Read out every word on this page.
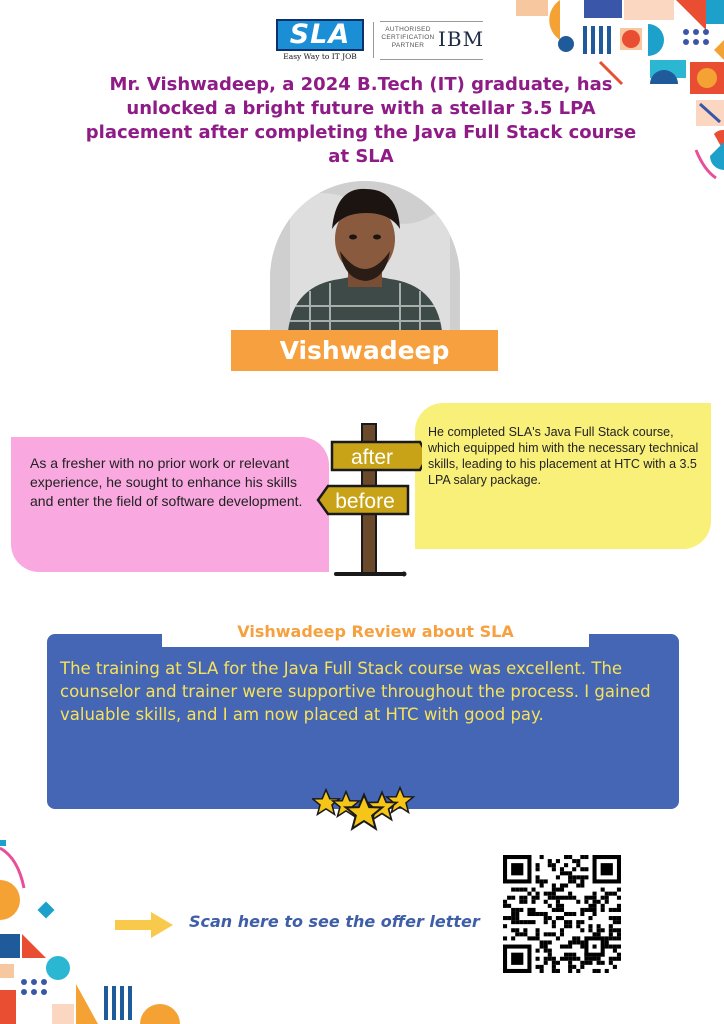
SLA
Easy Way to IT JOB
AUTHORISED
CERTIFICATION
PARTNER IBM
Mr. Vishwadeep, a 2024 B.Tech (IT) graduate, has unlocked a bright future with a stellar 3.5 LPA placement after completing the Java Full Stack course at SLA
Vishwadeep
As a fresher with no prior work or relevant experience, he sought to enhance his skills and enter the field of software development.
He completed SLA's Java Full Stack course, which equipped him with the necessary technical skills, leading to his placement at HTC with a 3.5 LPA salary package.
after
before
Vishwadeep Review about SLA
The training at SLA for the Java Full Stack course was excellent. The counselor and trainer were supportive throughout the process. I gained valuable skills, and I am now placed at HTC with good pay.
Scan here to see the offer letter
